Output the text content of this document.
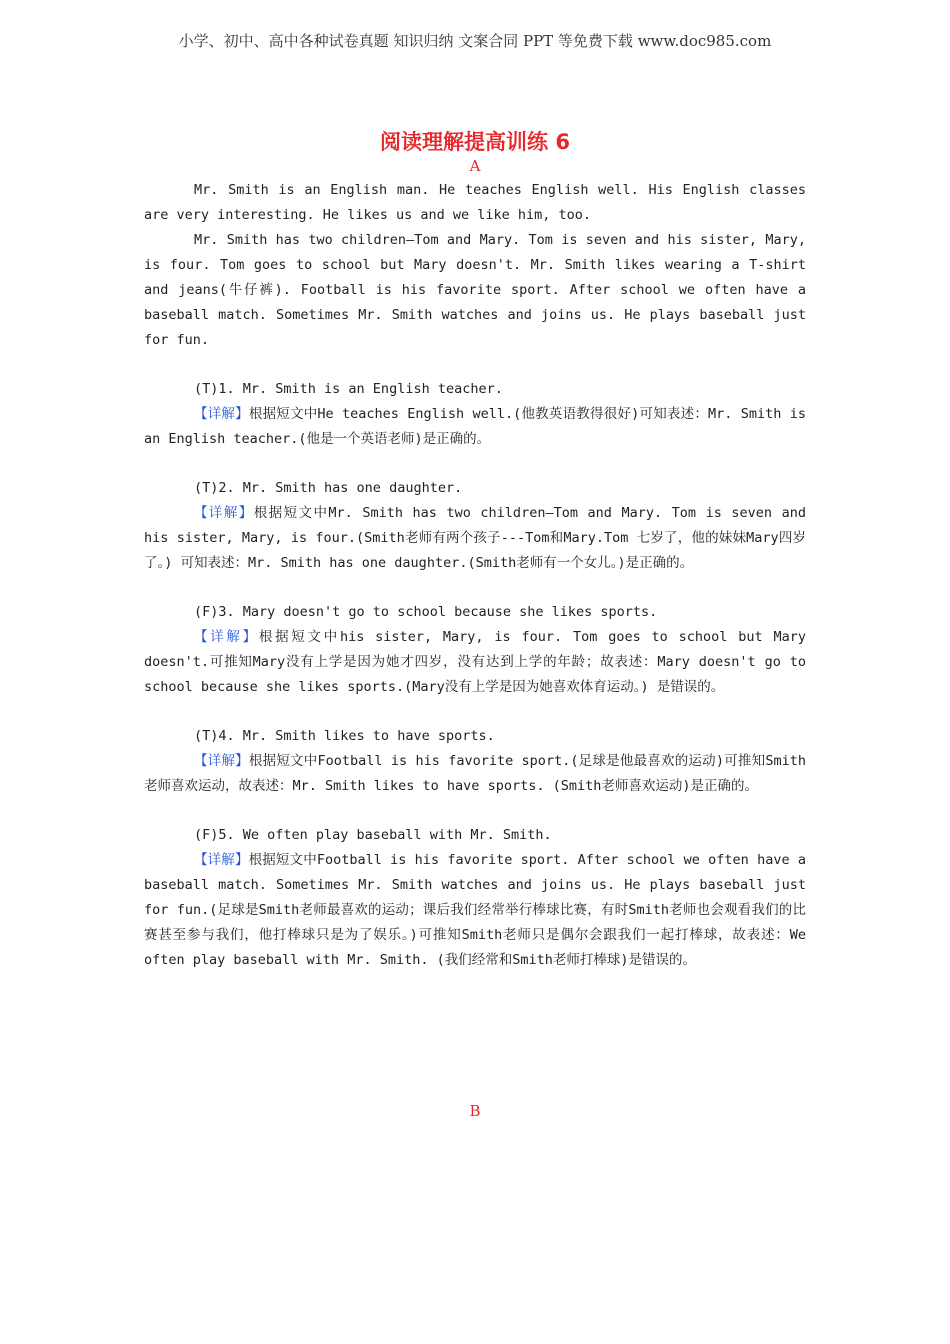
小学、初中、高中各种试卷真题 知识归纳 文案合同 PPT 等免费下载 www.doc985.com
阅读理解提高训练 6
A

Mr. Smith is an English man. He teaches English well. His English classes are very interesting. He likes us and we like him, too.

Mr. Smith has two children—Tom and Mary. Tom is seven and his sister, Mary, is four. Tom goes to school but Mary doesn't. Mr. Smith likes wearing a T-shirt and jeans(牛仔裤). Football is his favorite sport. After school we often have a baseball match. Sometimes Mr. Smith watches and joins us. He plays baseball just for fun.

(T)1. Mr. Smith is an English teacher.

【详解】根据短文中He teaches English well.(他教英语教得很好)可知表述：Mr. Smith is an English teacher.(他是一个英语老师)是正确的。

(T)2. Mr. Smith has one daughter.

【详解】根据短文中Mr. Smith has two children—Tom and Mary. Tom is seven and his sister, Mary, is four.(Smith老师有两个孩子---Tom和Mary.Tom 七岁了，他的妹妹Mary四岁了。) 可知表述：Mr. Smith has one daughter.(Smith老师有一个女儿。)是正确的。

(F)3. Mary doesn't go to school because she likes sports.

【详解】根据短文中his sister, Mary, is four. Tom goes to school but Mary doesn't.可推知Mary没有上学是因为她才四岁，没有达到上学的年龄；故表述：Mary doesn't go to school because she likes sports.(Mary没有上学是因为她喜欢体育运动。) 是错误的。

(T)4. Mr. Smith likes to have sports.

【详解】根据短文中Football is his favorite sport.(足球是他最喜欢的运动)可推知Smith老师喜欢运动，故表述：Mr. Smith likes to have sports. (Smith老师喜欢运动)是正确的。

(F)5. We often play baseball with Mr. Smith.

【详解】根据短文中Football is his favorite sport. After school we often have a baseball match. Sometimes Mr. Smith watches and joins us. He plays baseball just for fun.(足球是Smith老师最喜欢的运动；课后我们经常举行棒球比赛，有时Smith老师也会观看我们的比赛甚至参与我们，他打棒球只是为了娱乐。)可推知Smith老师只是偶尔会跟我们一起打棒球，故表述：We often play baseball with Mr. Smith. (我们经常和Smith老师打棒球)是错误的。

B
